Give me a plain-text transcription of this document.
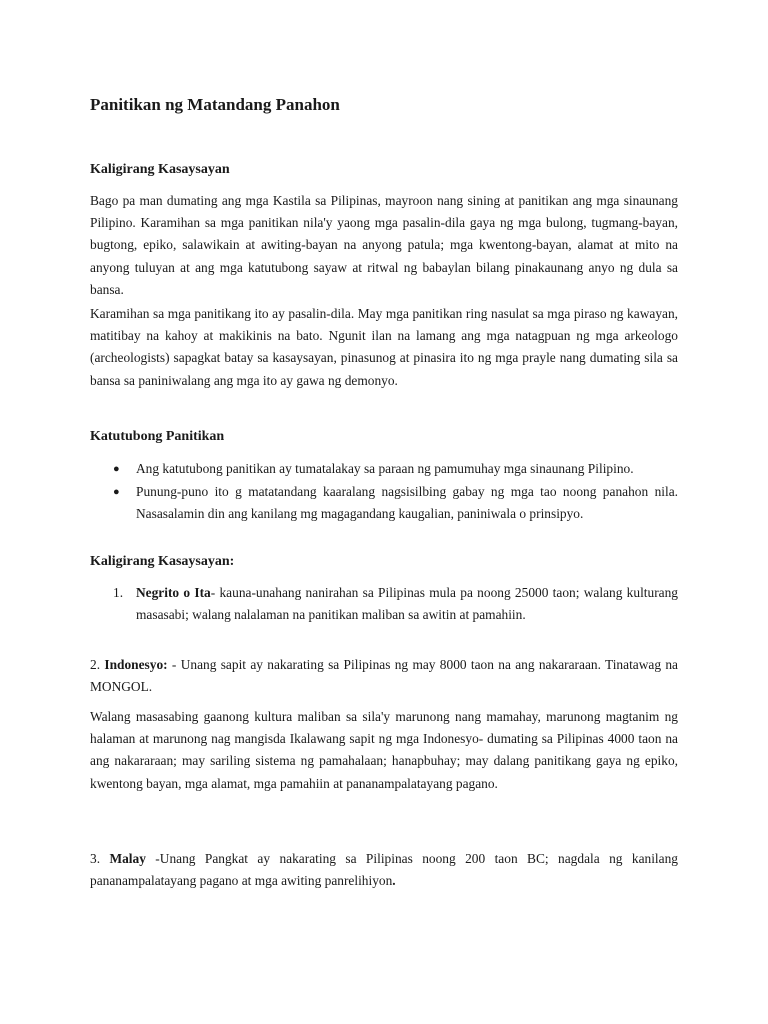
Panitikan ng Matandang Panahon
Kaligirang Kasaysayan

Bago pa man dumating ang mga Kastila sa Pilipinas, mayroon nang sining at panitikan ang mga sinaunang Pilipino. Karamihan sa mga panitikan nila'y yaong mga pasalin-dila gaya ng mga bulong, tugmang-bayan, bugtong, epiko, salawikain at awiting-bayan na anyong patula; mga kwentong-bayan, alamat at mito na anyong tuluyan at ang mga katutubong sayaw at ritwal ng babaylan bilang pinakaunang anyo ng dula sa bansa.

Karamihan sa mga panitikang ito ay pasalin-dila. May mga panitikan ring nasulat sa mga piraso ng kawayan, matitibay na kahoy at makikinis na bato. Ngunit ilan na lamang ang mga natagpuan ng mga arkeologo (archeologists) sapagkat batay sa kasaysayan, pinasunog at pinasira ito ng mga prayle nang dumating sila sa bansa sa paniniwalang ang mga ito ay gawa ng demonyo.

Katutubong Panitikan
● Ang katutubong panitikan ay tumatalakay sa paraan ng pamumuhay mga sinaunang Pilipino.
● Punung-puno ito g matatandang kaaralang nagsisilbing gabay ng mga tao noong panahon nila. Nasasalamin din ang kanilang mg magagandang kaugalian, paniniwala o prinsipyo.
Kaligirang Kasaysayan:
1. Negrito o Ita- kauna-unahang nanirahan sa Pilipinas mula pa noong 25000 taon; walang kulturang masasabi; walang nalalaman na panitikan maliban sa awitin at pamahiin.

2. Indonesyo: - Unang sapit ay nakarating sa Pilipinas ng may 8000 taon na ang nakararaan. Tinatawag na MONGOL.

Walang masasabing gaanong kultura maliban sa sila'y marunong nang mamahay, marunong magtanim ng halaman at marunong nag mangisda Ikalawang sapit ng mga Indonesyo- dumating sa Pilipinas 4000 taon na ang nakararaan; may sariling sistema ng pamahalaan; hanapbuhay; may dalang panitikang gaya ng epiko, kwentong bayan, mga alamat, mga pamahiin at pananampalatayang pagano.

3. Malay -Unang Pangkat ay nakarating sa Pilipinas noong 200 taon BC; nagdala ng kanilang pananampalatayang pagano at mga awiting panrelihiyon.
